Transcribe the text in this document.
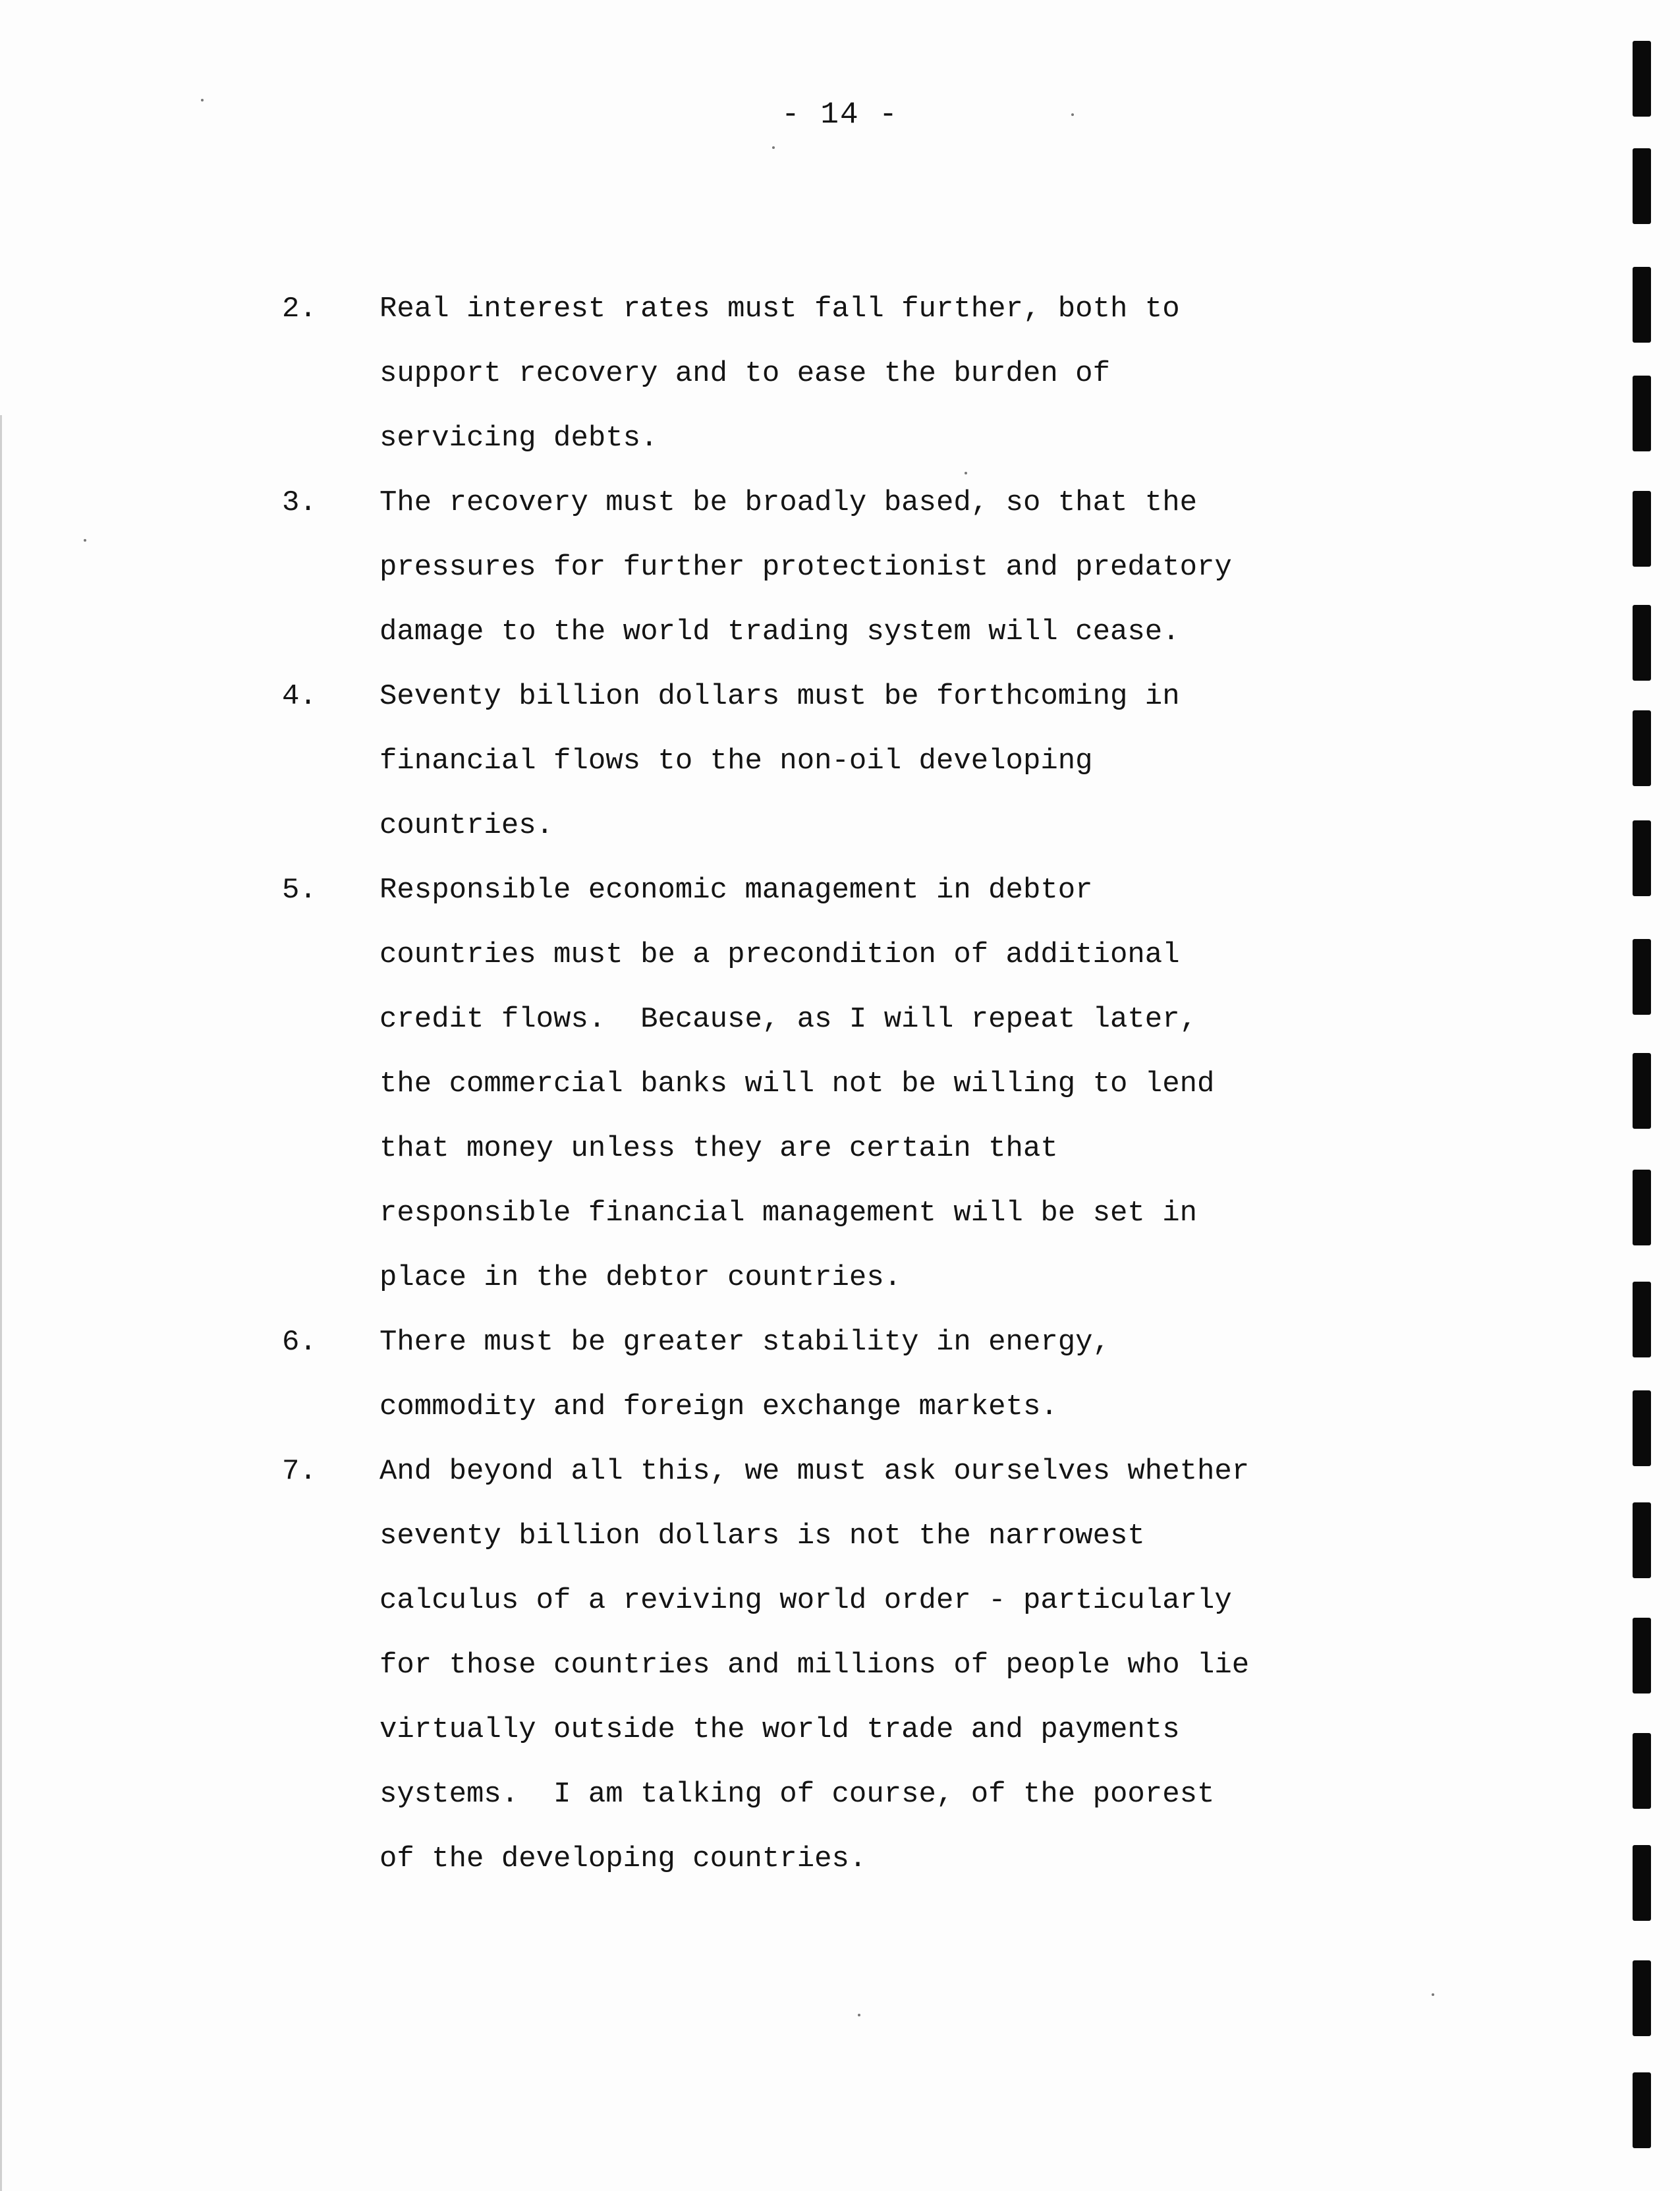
- 14 -
2. Real interest rates must fall further, both to
support recovery and to ease the burden of
servicing debts.
3. The recovery must be broadly based, so that the
pressures for further protectionist and predatory
damage to the world trading system will cease.
4. Seventy billion dollars must be forthcoming in
financial flows to the non-oil developing
countries.
5. Responsible economic management in debtor
countries must be a precondition of additional
credit flows.  Because, as I will repeat later,
the commercial banks will not be willing to lend
that money unless they are certain that
responsible financial management will be set in
place in the debtor countries.
6. There must be greater stability in energy,
commodity and foreign exchange markets.
7. And beyond all this, we must ask ourselves whether
seventy billion dollars is not the narrowest
calculus of a reviving world order - particularly
for those countries and millions of people who lie
virtually outside the world trade and payments
systems.  I am talking of course, of the poorest
of the developing countries.
